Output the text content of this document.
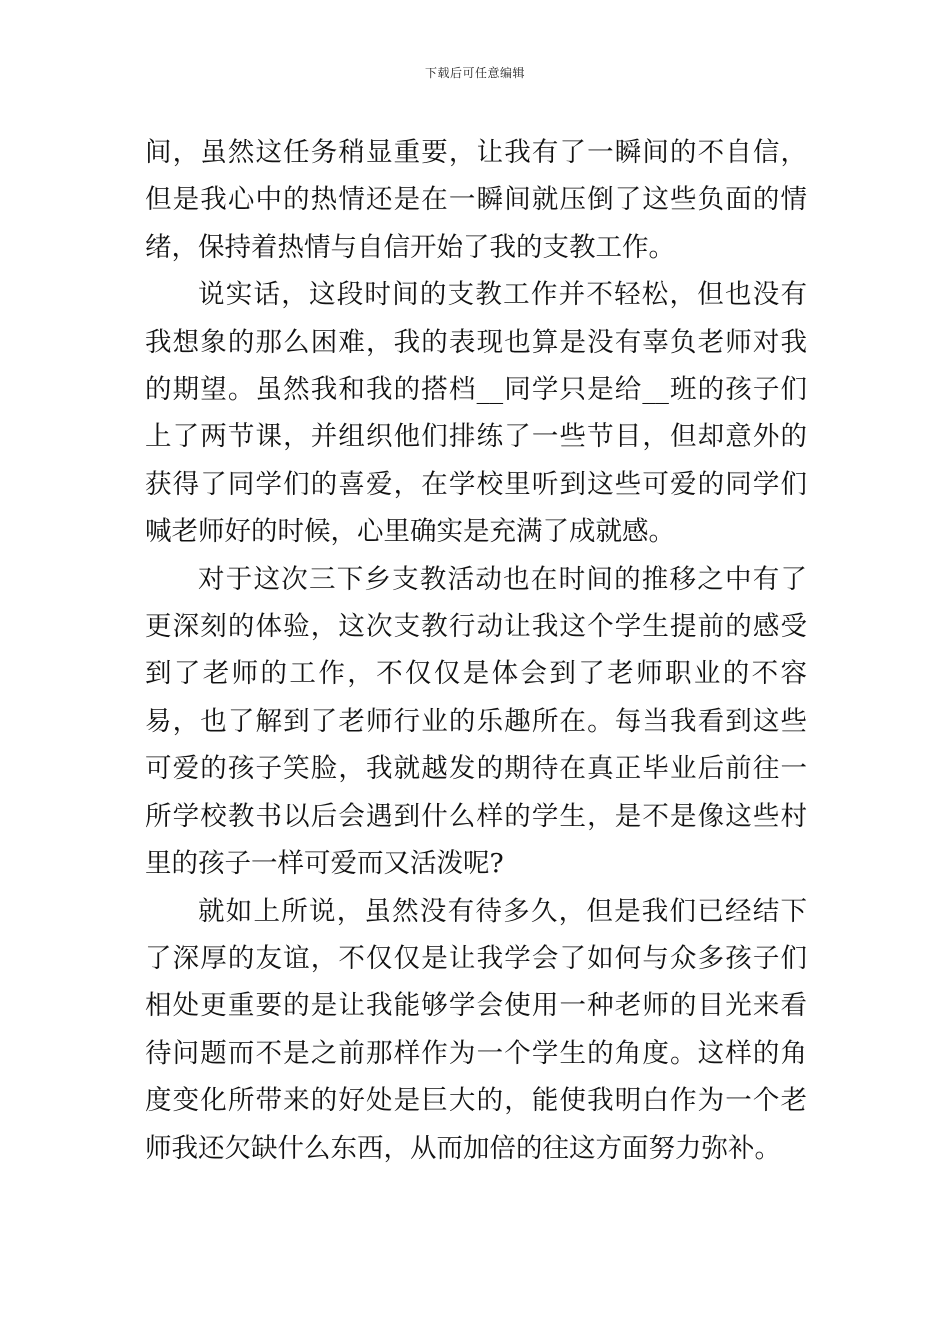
下载后可任意编辑

间，虽然这任务稍显重要，让我有了一瞬间的不自信，但是我心中的热情还是在一瞬间就压倒了这些负面的情绪，保持着热情与自信开始了我的支教工作。

说实话，这段时间的支教工作并不轻松，但也没有我想象的那么困难，我的表现也算是没有辜负老师对我的期望。虽然我和我的搭档__同学只是给__班的孩子们上了两节课，并组织他们排练了一些节目，但却意外的获得了同学们的喜爱，在学校里听到这些可爱的同学们喊老师好的时候，心里确实是充满了成就感。

对于这次三下乡支教活动也在时间的推移之中有了更深刻的体验，这次支教行动让我这个学生提前的感受到了老师的工作，不仅仅是体会到了老师职业的不容易，也了解到了老师行业的乐趣所在。每当我看到这些可爱的孩子笑脸，我就越发的期待在真正毕业后前往一所学校教书以后会遇到什么样的学生，是不是像这些村里的孩子一样可爱而又活泼呢?

就如上所说，虽然没有待多久，但是我们已经结下了深厚的友谊，不仅仅是让我学会了如何与众多孩子们相处更重要的是让我能够学会使用一种老师的目光来看待问题而不是之前那样作为一个学生的角度。这样的角度变化所带来的好处是巨大的，能使我明白作为一个老师我还欠缺什么东西，从而加倍的往这方面努力弥补。
